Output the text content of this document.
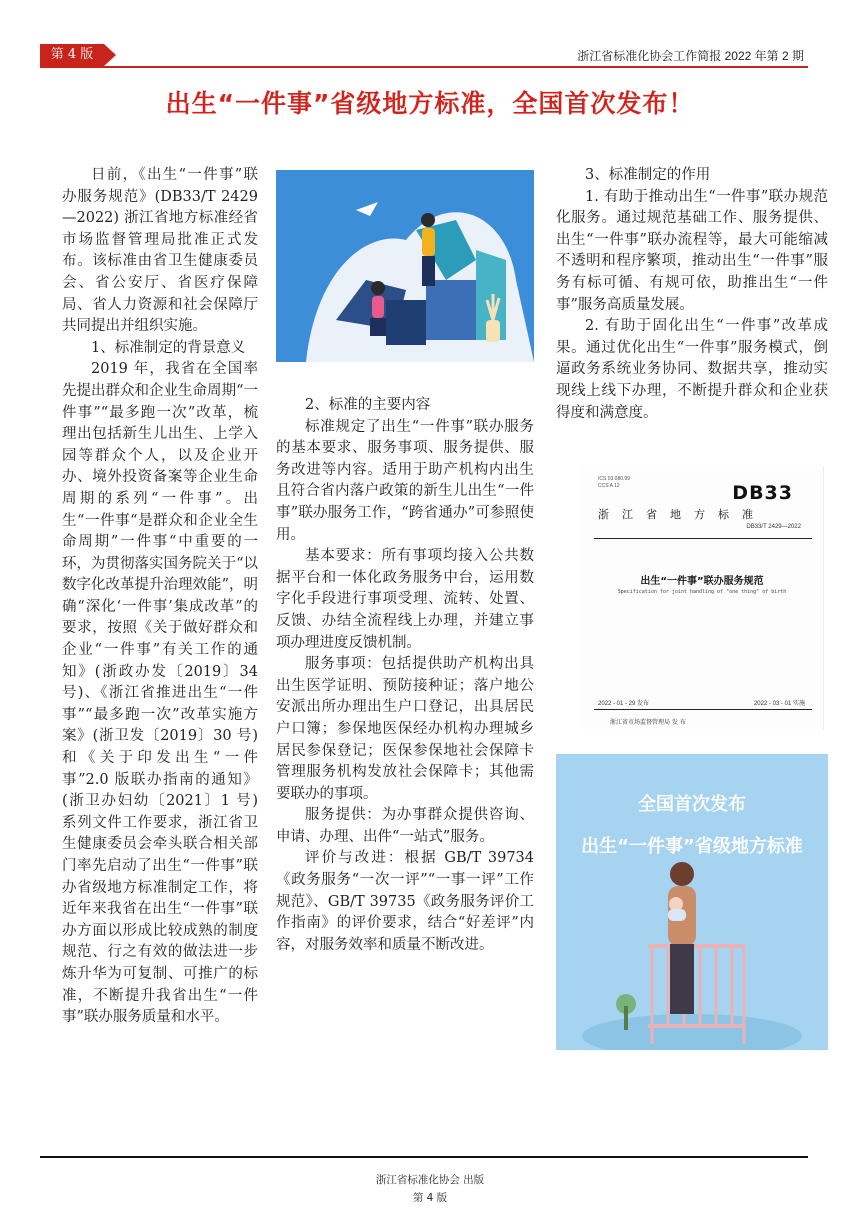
第 4 版	浙江省标准化协会工作简报 2022 年第 2 期
出生“一件事”省级地方标准，全国首次发布！

日前，《出生“一件事”联办服务规范》(DB33/T 2429—2022) 浙江省地方标准经省市场监督管理局批准正式发布。该标准由省卫生健康委员会、省公安厅、省医疗保障局、省人力资源和社会保障厅共同提出并组织实施。

1、标准制定的背景意义

2019 年，我省在全国率先提出群众和企业生命周期“一件事”“最多跑一次”改革，梳理出包括新生儿出生、上学入园等群众个人，以及企业开办、境外投资备案等企业生命周期的系列“一件事”。出生“一件事“是群众和企业全生命周期”一件事“中重要的一环，为贯彻落实国务院关于“以数字化改革提升治理效能”，明确“深化‘一件事’集成改革”的要求，按照《关于做好群众和企业“一件事”有关工作的通知》(浙政办发〔2019〕34 号)、《浙江省推进出生“一件事”“最多跑一次”改革实施方案》(浙卫发〔2019〕30 号)和《关于印发出生“一件事”2.0 版联办指南的通知》(浙卫办妇幼〔2021〕1 号) 系列文件工作要求，浙江省卫生健康委员会牵头联合相关部门率先启动了出生“一件事”联办省级地方标准制定工作，将近年来我省在出生“一件事”联办方面以形成比较成熟的制度规范、行之有效的做法进一步炼升华为可复制、可推广的标准，不断提升我省出生“一件事”联办服务质量和水平。

2、标准的主要内容

标准规定了出生“一件事”联办服务的基本要求、服务事项、服务提供、服务改进等内容。适用于助产机构内出生且符合省内落户政策的新生儿出生“一件事”联办服务工作，“跨省通办”可参照使用。

基本要求：所有事项均接入公共数据平台和一体化政务服务中台，运用数字化手段进行事项受理、流转、处置、反馈、办结全流程线上办理，并建立事项办理进度反馈机制。

服务事项：包括提供助产机构出具出生医学证明、预防接种证；落户地公安派出所办理出生户口登记，出具居民户口簿；参保地医保经办机构办理城乡居民参保登记；医保参保地社会保障卡管理服务机构发放社会保障卡；其他需要联办的事项。

服务提供：为办事群众提供咨询、申请、办理、出件“一站式”服务。

评价与改进：根据 GB/T 39734《政务服务“一次一评”“一事一评”工作规范》、GB/T 39735《政务服务评价工作指南》的评价要求，结合“好差评”内容，对服务效率和质量不断改进。

3、标准制定的作用

1. 有助于推动出生“一件事”联办规范化服务。通过规范基础工作、服务提供、出生“一件事”联办流程等，最大可能缩减不透明和程序繁项，推动出生“一件事”服务有标可循、有规可依，助推出生“一件事”服务高质量发展。

2. 有助于固化出生“一件事”改革成果。通过优化出生“一件事”服务模式，倒逼政务系统业务协同、数据共享，推动实现线上线下办理，不断提升群众和企业获得度和满意度。

ICS 03.080.99
CCS A 12	DB33
浙江省地方标准
DB33/T 2429—2022
出生“一件事”联办服务规范
Specification for joint handling of "one thing" of birth
2022 - 01 - 29 发布	2022 - 03 - 01 实施
浙江省市场监督管理局 发 布
全国首次发布
出生“一件事”省级地方标准
浙江省标准化协会 出版
第 4 版
